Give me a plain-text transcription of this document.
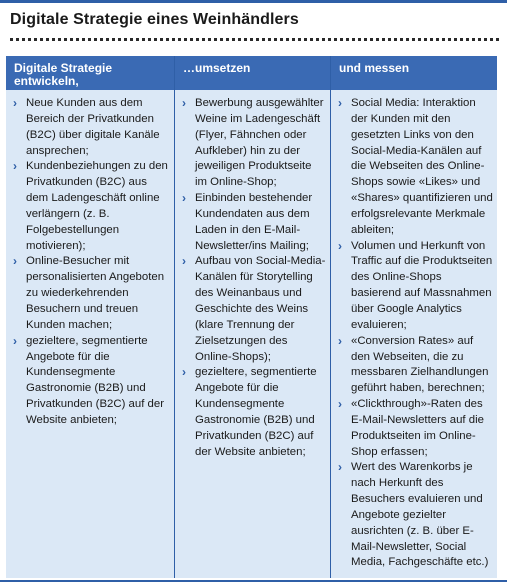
Digitale Strategie eines Weinhändlers
Digitale Strategie entwickeln,
› Neue Kunden aus dem Bereich der Privatkunden (B2C) über digitale Kanäle ansprechen;
› Kundenbeziehungen zu den Privatkunden (B2C) aus dem Ladengeschäft online verlängern (z. B. Folgebestellungen motivieren);
› Online-Besucher mit personalisierten Angeboten zu wiederkehrenden Besuchern und treuen Kunden machen;
› gezieltere, segmentierte Angebote für die Kundensegmente Gastronomie (B2B) und Privatkunden (B2C) auf der Website anbieten;
…umsetzen
› Bewerbung ausgewählter Weine im Ladengeschäft (Flyer, Fähnchen oder Aufkleber) hin zu der jeweiligen Produktseite im Online-Shop;
› Einbinden bestehender Kundendaten aus dem Laden in den E-Mail-Newsletter/ins Mailing;
› Aufbau von Social-Media-Kanälen für Storytelling des Weinanbaus und Geschichte des Weins (klare Trennung der Zielsetzungen des Online-Shops);
› gezieltere, segmentierte Angebote für die Kundensegmente Gastronomie (B2B) und Privatkunden (B2C) auf der Website anbieten;
und messen
› Social Media: Interaktion der Kunden mit den gesetzten Links von den Social-Media-Kanälen auf die Webseiten des Online-Shops sowie «Likes» und «Shares» quantifizieren und erfolgsrelevante Merkmale ableiten;
› Volumen und Herkunft von Traffic auf die Produktseiten des Online-Shops basierend auf Massnahmen über Google Analytics evaluieren;
› «Conversion Rates» auf den Webseiten, die zu messbaren Zielhandlungen geführt haben, berechnen;
› «Clickthrough»-Raten des E-Mail-Newsletters auf die Produktseiten im Online-Shop erfassen;
› Wert des Warenkorbs je nach Herkunft des Besuchers evaluieren und Angebote gezielter ausrichten (z. B. über E-Mail-Newsletter, Social Media, Fachgeschäfte etc.)
